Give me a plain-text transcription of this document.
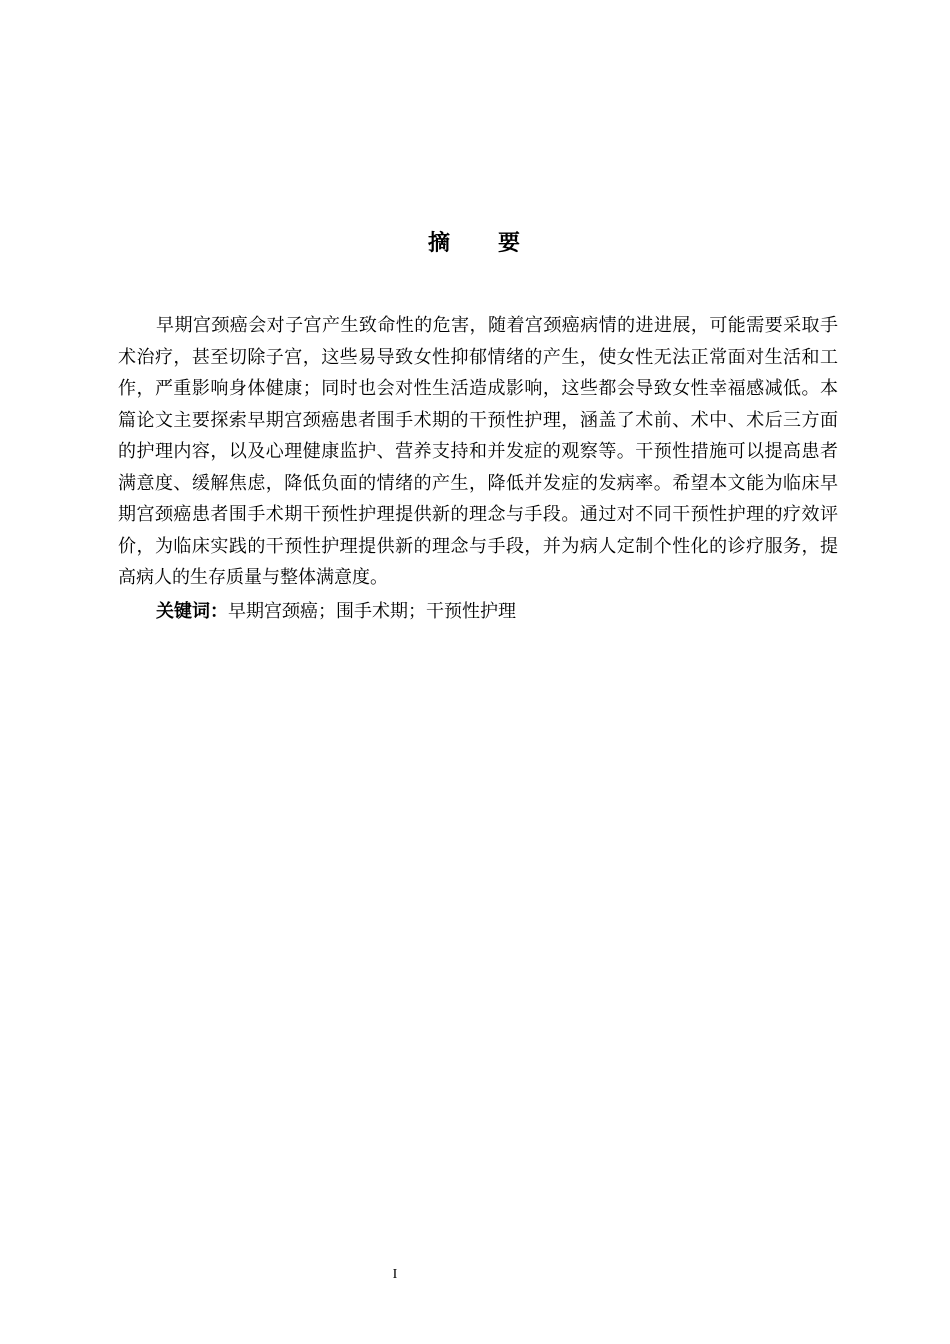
摘 要

早期宫颈癌会对子宫产生致命性的危害，随着宫颈癌病情的进进展，可能需要采取手 术治疗，甚至切除子宫，这些易导致女性抑郁情绪的产生，使女性无法正常面对生活和工 作，严重影响身体健康；同时也会对性生活造成影响，这些都会导致女性幸福感减低。本 篇论文主要探索早期宫颈癌患者围手术期的干预性护理，涵盖了术前、术中、术后三方面 的护理内容，以及心理健康监护、营养支持和并发症的观察等。干预性措施可以提高患者 满意度、缓解焦虑，降低负面的情绪的产生，降低并发症的发病率。希望本文能为临床早 期宫颈癌患者围手术期干预性护理提供新的理念与手段。通过对不同干预性护理的疗效评 价，为临床实践的干预性护理提供新的理念与手段，并为病人定制个性化的诊疗服务，提 高病人的生存质量与整体满意度。

关键词：早期宫颈癌；围手术期；干预性护理

I
